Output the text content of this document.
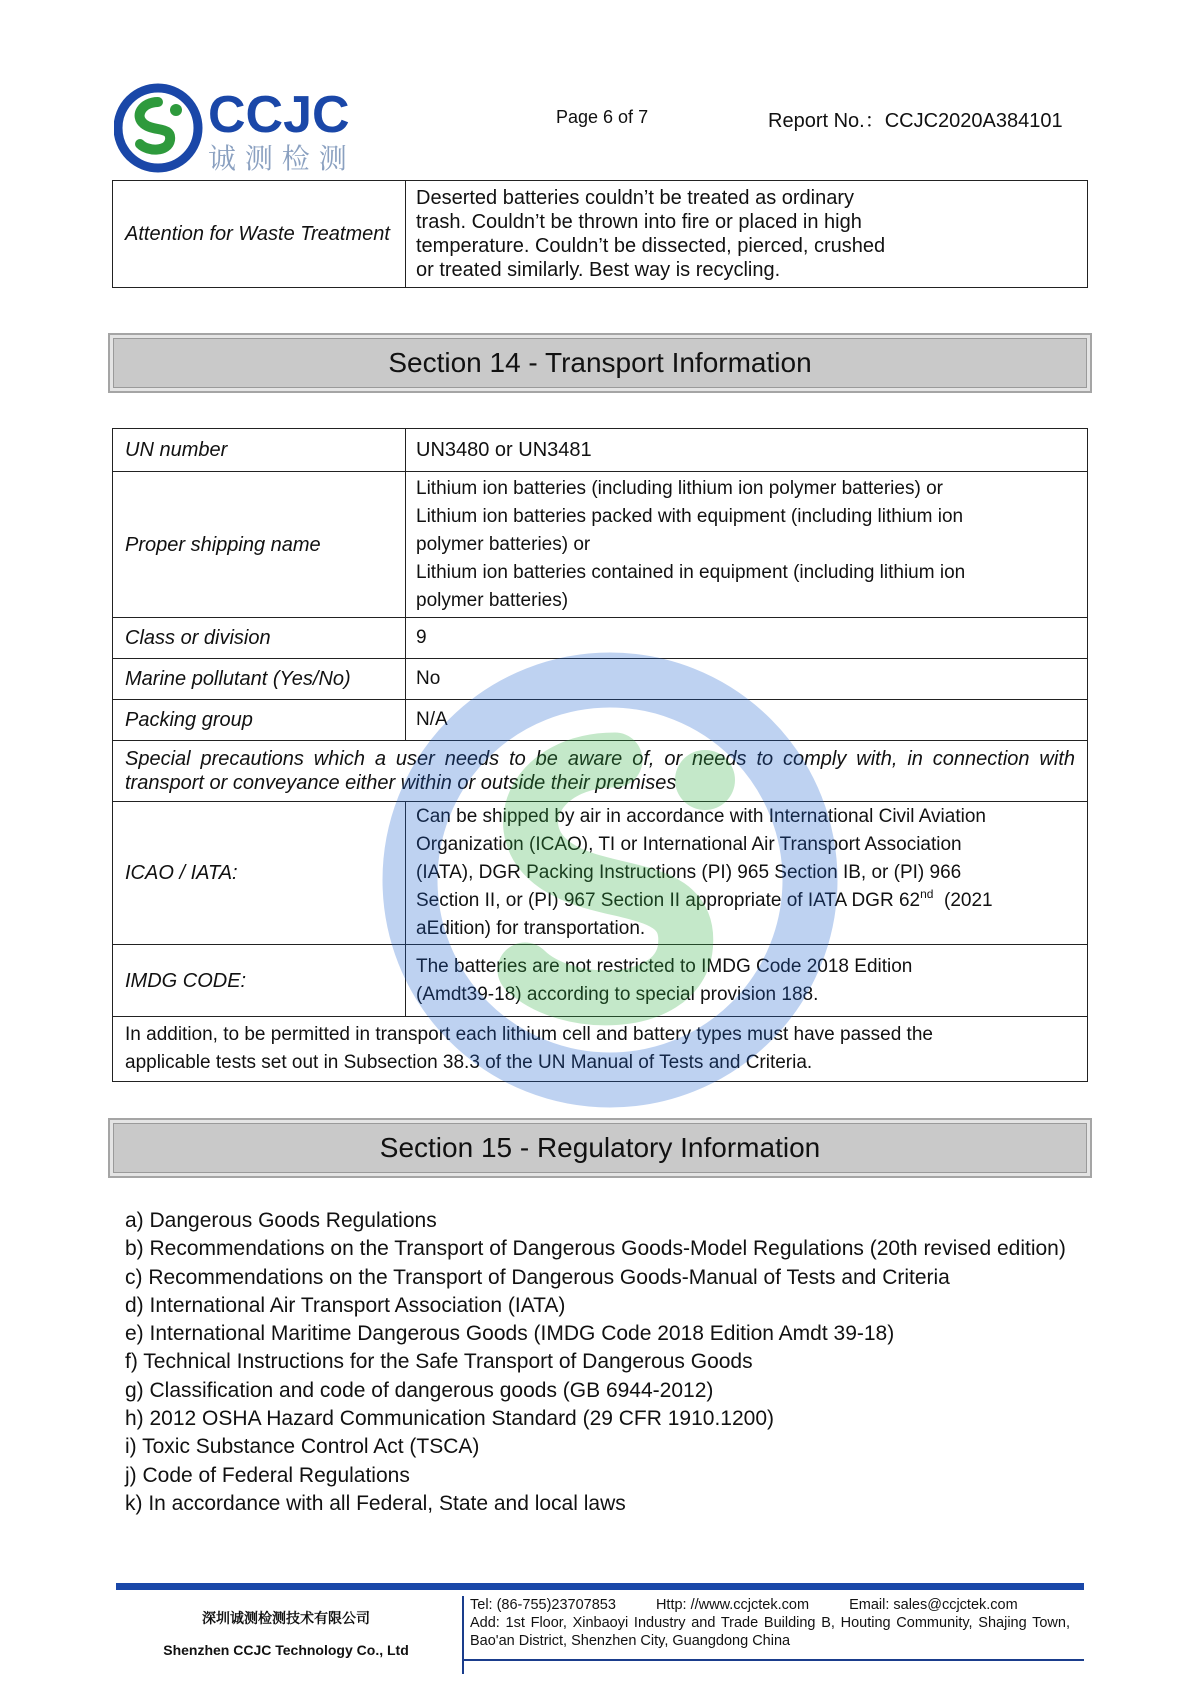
CCJC
诚 测 检 测
Page 6 of 7	Report No.：CCJC2020A384101
Attention for Waste Treatment	
Deserted batteries couldn’t be treated as ordinary
trash. Couldn’t be thrown into fire or placed in high
temperature. Couldn’t be dissected, pierced, crushed
or treated similarly. Best way is recycling.
Section 14 - Transport Information
UN number	UN3480 or UN3481
Proper shipping name	Lithium ion batteries (including lithium ion polymer batteries) or
Lithium ion batteries packed with equipment (including lithium ion
polymer batteries) or
Lithium ion batteries contained in equipment (including lithium ion
polymer batteries)

Class or division	9
Marine pollutant (Yes/No)	No
Packing group	N/A
Special precautions which a user needs to be aware of, or needs to comply with, in connection with transport or conveyance either within or outside their premises	
ICAO / IATA:	Can be shipped by air in accordance with International Civil Aviation
Organization (ICAO), TI or International Air Transport Association
(IATA), DGR Packing Instructions (PI) 965 Section IB, or (PI) 966
Section II, or (PI) 967 Section II appropriate of IATA DGR 62nd  (2021
aEdition) for transportation.

IMDG CODE:	The batteries are not restricted to IMDG Code 2018 Edition
(Amdt39-18) according to special provision 188.

In addition, to be permitted in transport each lithium cell and battery types must have passed the
applicable tests set out in Subsection 38.3 of the UN Manual of Tests and Criteria.	
Section 15 - Regulatory Information
a) Dangerous Goods Regulations
b) Recommendations on the Transport of Dangerous Goods-Model Regulations (20th revised edition)
c) Recommendations on the Transport of Dangerous Goods-Manual of Tests and Criteria
d) International Air Transport Association (IATA)
e) International Maritime Dangerous Goods (IMDG Code 2018 Edition Amdt 39-18)
f) Technical Instructions for the Safe Transport of Dangerous Goods
g) Classification and code of dangerous goods (GB 6944-2012)
h) 2012 OSHA Hazard Communication Standard (29 CFR 1910.1200)
i) Toxic Substance Control Act (TSCA)
j) Code of Federal Regulations
k) In accordance with all Federal, State and local laws
深圳诚测检测技术有限公司
Shenzhen CCJC Technology Co., Ltd
Tel: (86-755)23707853	Http: //www.ccjctek.com	Email: sales@ccjctek.com
Add: 1st Floor, Xinbaoyi Industry and Trade Building B, Houting Community, Shajing Town, Bao'an District, Shenzhen City, Guangdong China
